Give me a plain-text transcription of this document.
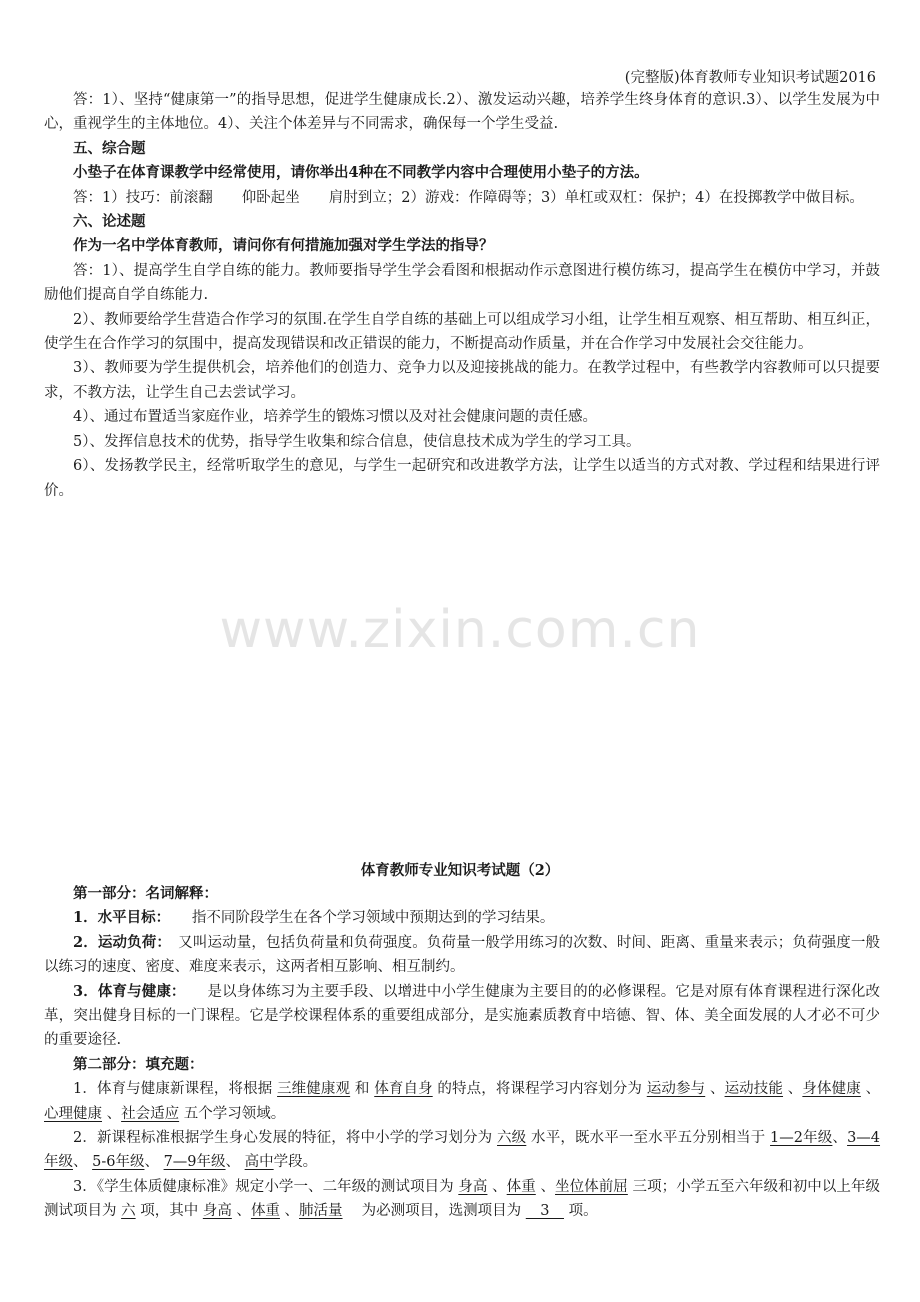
(完整版)体育教师专业知识考试题2016

答：1）、坚持“健康第一”的指导思想，促进学生健康成长.2）、激发运动兴趣，培养学生终身体育的意识.3）、以学生发展为中心，重视学生的主体地位。4）、关注个体差异与不同需求，确保每一个学生受益.

五、综合题

小垫子在体育课教学中经常使用，请你举出4种在不同教学内容中合理使用小垫子的方法。

答：1）技巧：前滚翻　　仰卧起坐　　肩肘到立；2）游戏：作障碍等；3）单杠或双杠：保护；4）在投掷教学中做目标。

六、论述题

作为一名中学体育教师，请问你有何措施加强对学生学法的指导？

答：1）、提高学生自学自练的能力。教师要指导学生学会看图和根据动作示意图进行模仿练习，提高学生在模仿中学习，并鼓励他们提高自学自练能力.

2）、教师要给学生营造合作学习的氛围.在学生自学自练的基础上可以组成学习小组，让学生相互观察、相互帮助、相互纠正，使学生在合作学习的氛围中，提高发现错误和改正错误的能力，不断提高动作质量，并在合作学习中发展社会交往能力。

3）、教师要为学生提供机会，培养他们的创造力、竞争力以及迎接挑战的能力。在教学过程中，有些教学内容教师可以只提要求，不教方法，让学生自己去尝试学习。

4）、通过布置适当家庭作业，培养学生的锻炼习惯以及对社会健康问题的责任感。

5）、发挥信息技术的优势，指导学生收集和综合信息，使信息技术成为学生的学习工具。

6）、发扬教学民主，经常听取学生的意见，与学生一起研究和改进教学方法，让学生以适当的方式对教、学过程和结果进行评价。

www.zixin.com.cn
体育教师专业知识考试题（2）

第一部分：名词解释：

1．水平目标：　　指不同阶段学生在各个学习领域中预期达到的学习结果。

2．运动负荷：　又叫运动量，包括负荷量和负荷强度。负荷量一般学用练习的次数、时间、距离、重量来表示；负荷强度一般以练习的速度、密度、难度来表示，这两者相互影响、相互制约。

3．体育与健康：　　是以身体练习为主要手段、以增进中小学生健康为主要目的的必修课程。它是对原有体育课程进行深化改革，突出健身目标的一门课程。它是学校课程体系的重要组成部分，是实施素质教育中培德、智、体、美全面发展的人才必不可少的重要途径.

第二部分：填充题：

1．体育与健康新课程，将根据 三维健康观 和 体育自身 的特点，将课程学习内容划分为 运动参与 、运动技能 、身体健康 、心理健康 、社会适应 五个学习领域。

2．新课程标准根据学生身心发展的特征，将中小学的学习划分为 六级 水平，既水平一至水平五分别相当于 1—2年级、3—4年级、 5-6年级、 7—9年级、 高中学段。

3．《学生体质健康标准》规定小学一、二年级的测试项目为 身高 、体重 、坐位体前屈 三项；小学五至六年级和初中以上年级测试项目为 六 项，其中 身高 、体重 、肺活量 　为必测项目，选测项目为 　3　 项。
